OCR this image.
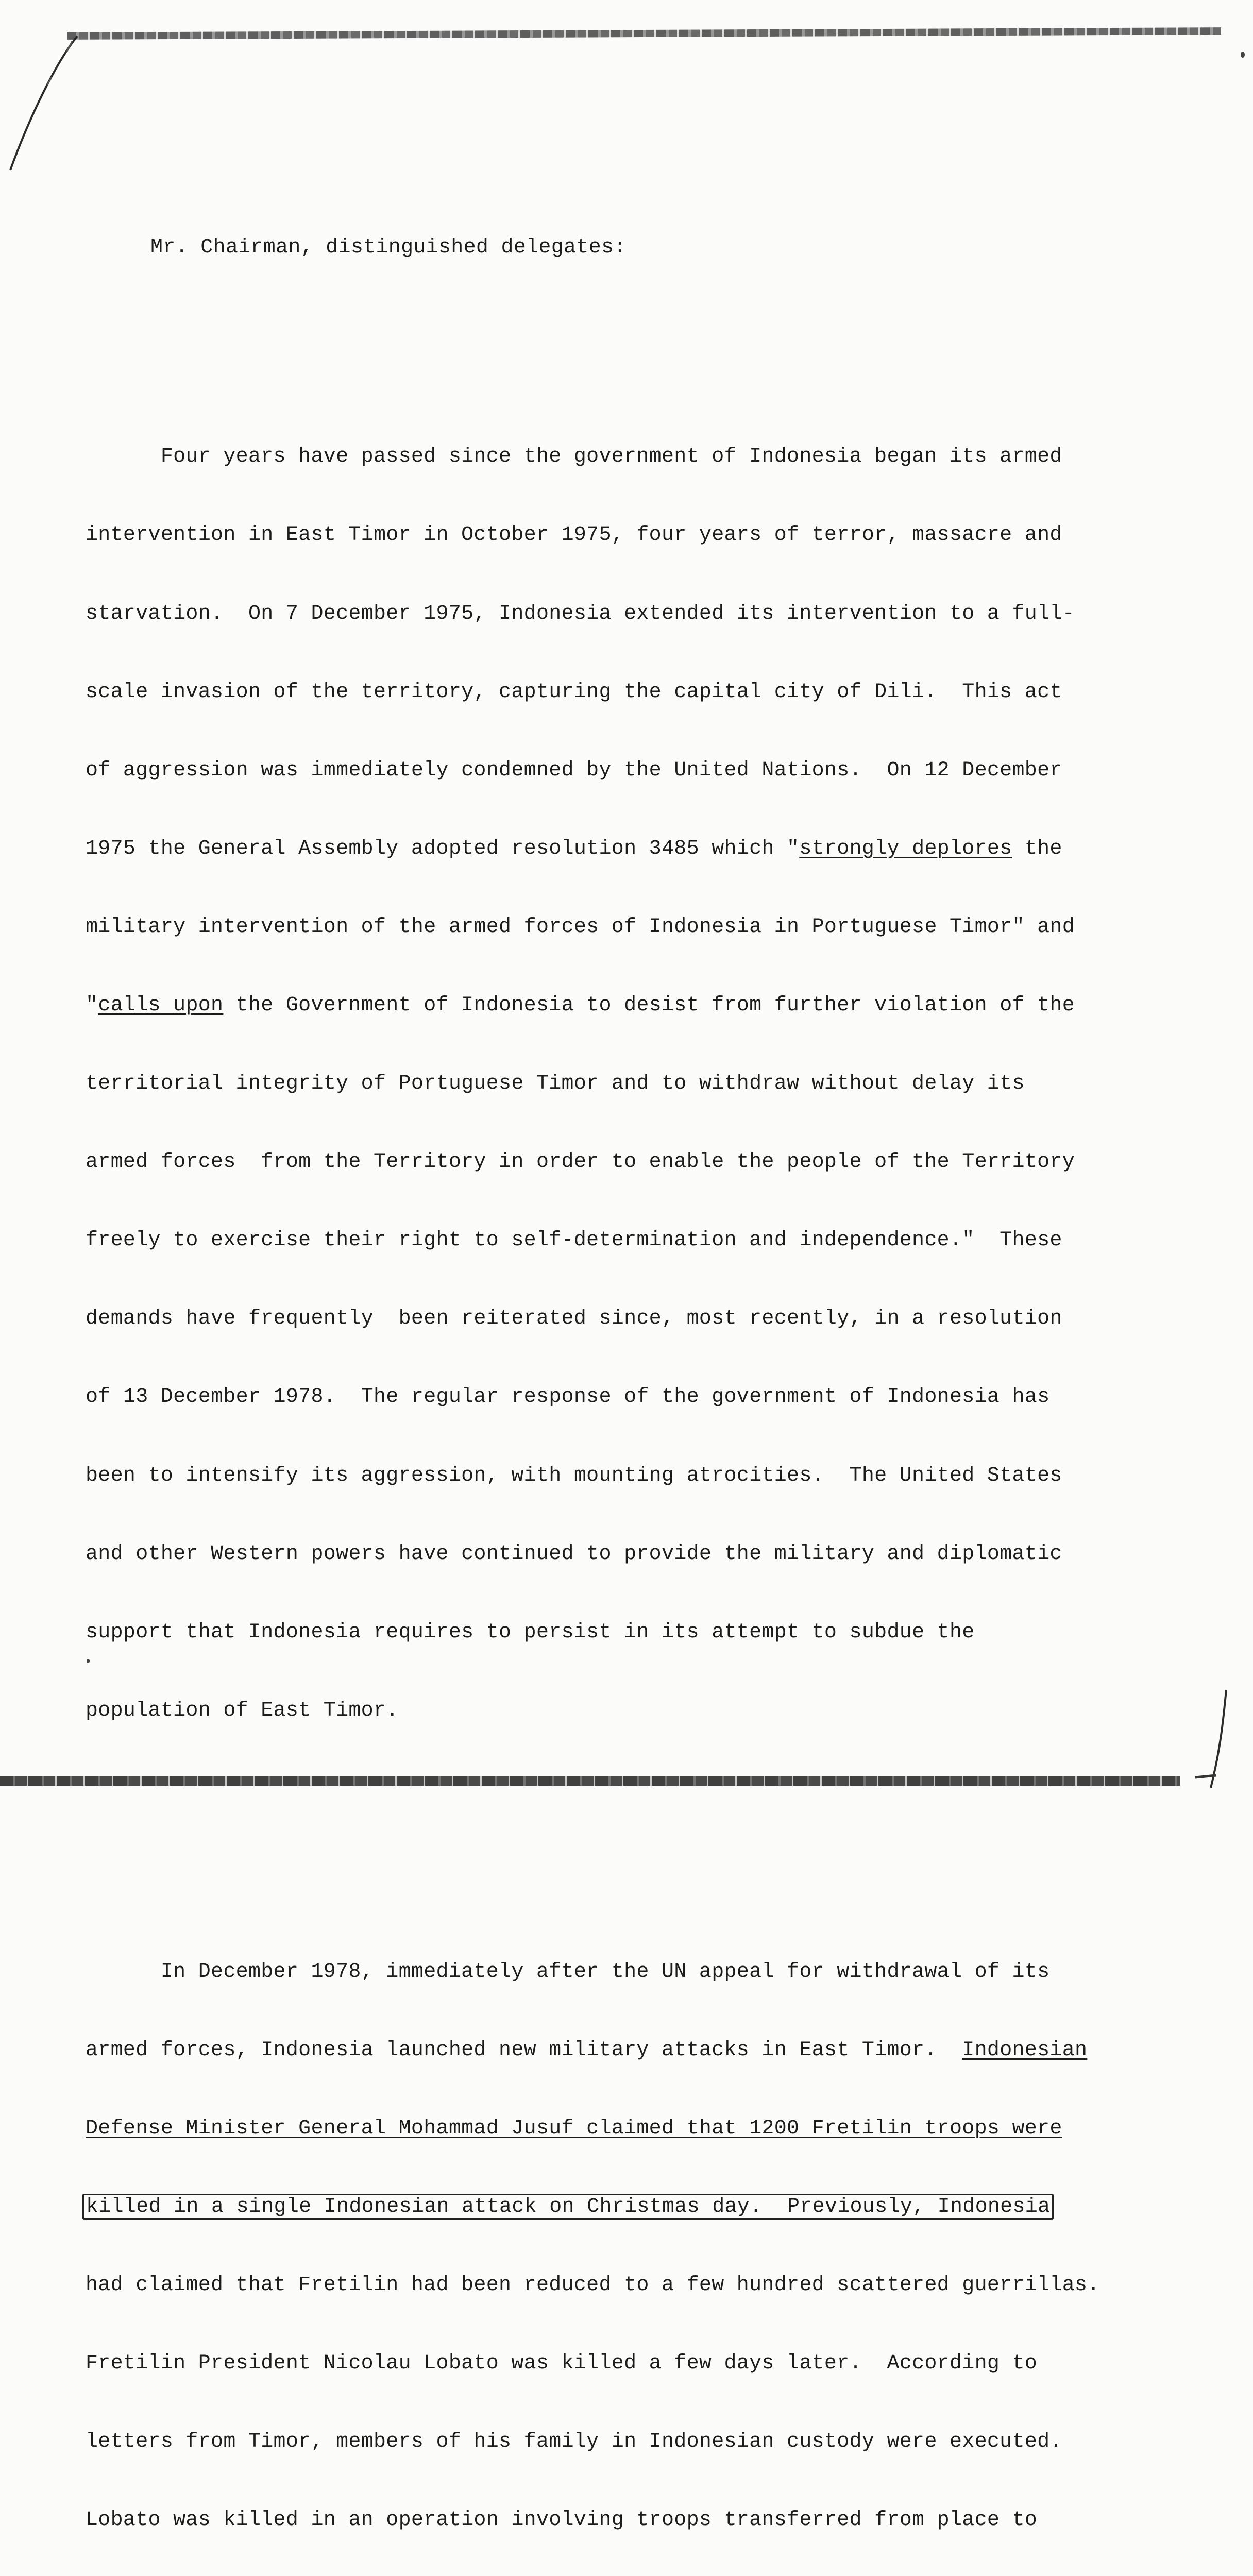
Mr. Chairman, distinguished delegates:

Four years have passed since the government of Indonesia began its armed

intervention in East Timor in October 1975, four years of terror, massacre and

starvation.  On 7 December 1975, Indonesia extended its intervention to a full-

scale invasion of the territory, capturing the capital city of Dili.  This act

of aggression was immediately condemned by the United Nations.  On 12 December

1975 the General Assembly adopted resolution 3485 which "strongly deplores the

military intervention of the armed forces of Indonesia in Portuguese Timor" and

"calls upon the Government of Indonesia to desist from further violation of the

territorial integrity of Portuguese Timor and to withdraw without delay its

armed forces  from the Territory in order to enable the people of the Territory

freely to exercise their right to self-determination and independence."  These

demands have frequently  been reiterated since, most recently, in a resolution

of 13 December 1978.  The regular response of the government of Indonesia has

been to intensify its aggression, with mounting atrocities.  The United States

and other Western powers have continued to provide the military and diplomatic

support that Indonesia requires to persist in its attempt to subdue the

population of East Timor.

In December 1978, immediately after the UN appeal for withdrawal of its

armed forces, Indonesia launched new military attacks in East Timor.  Indonesian

Defense Minister General Mohammad Jusuf claimed that 1200 Fretilin troops were

killed in a single Indonesian attack on Christmas day.  Previously, Indonesia

had claimed that Fretilin had been reduced to a few hundred scattered guerrillas.

Fretilin President Nicolau Lobato was killed a few days later.  According to

letters from Timor, members of his family in Indonesian custody were executed.

Lobato was killed in an operation involving troops transferred from place to
